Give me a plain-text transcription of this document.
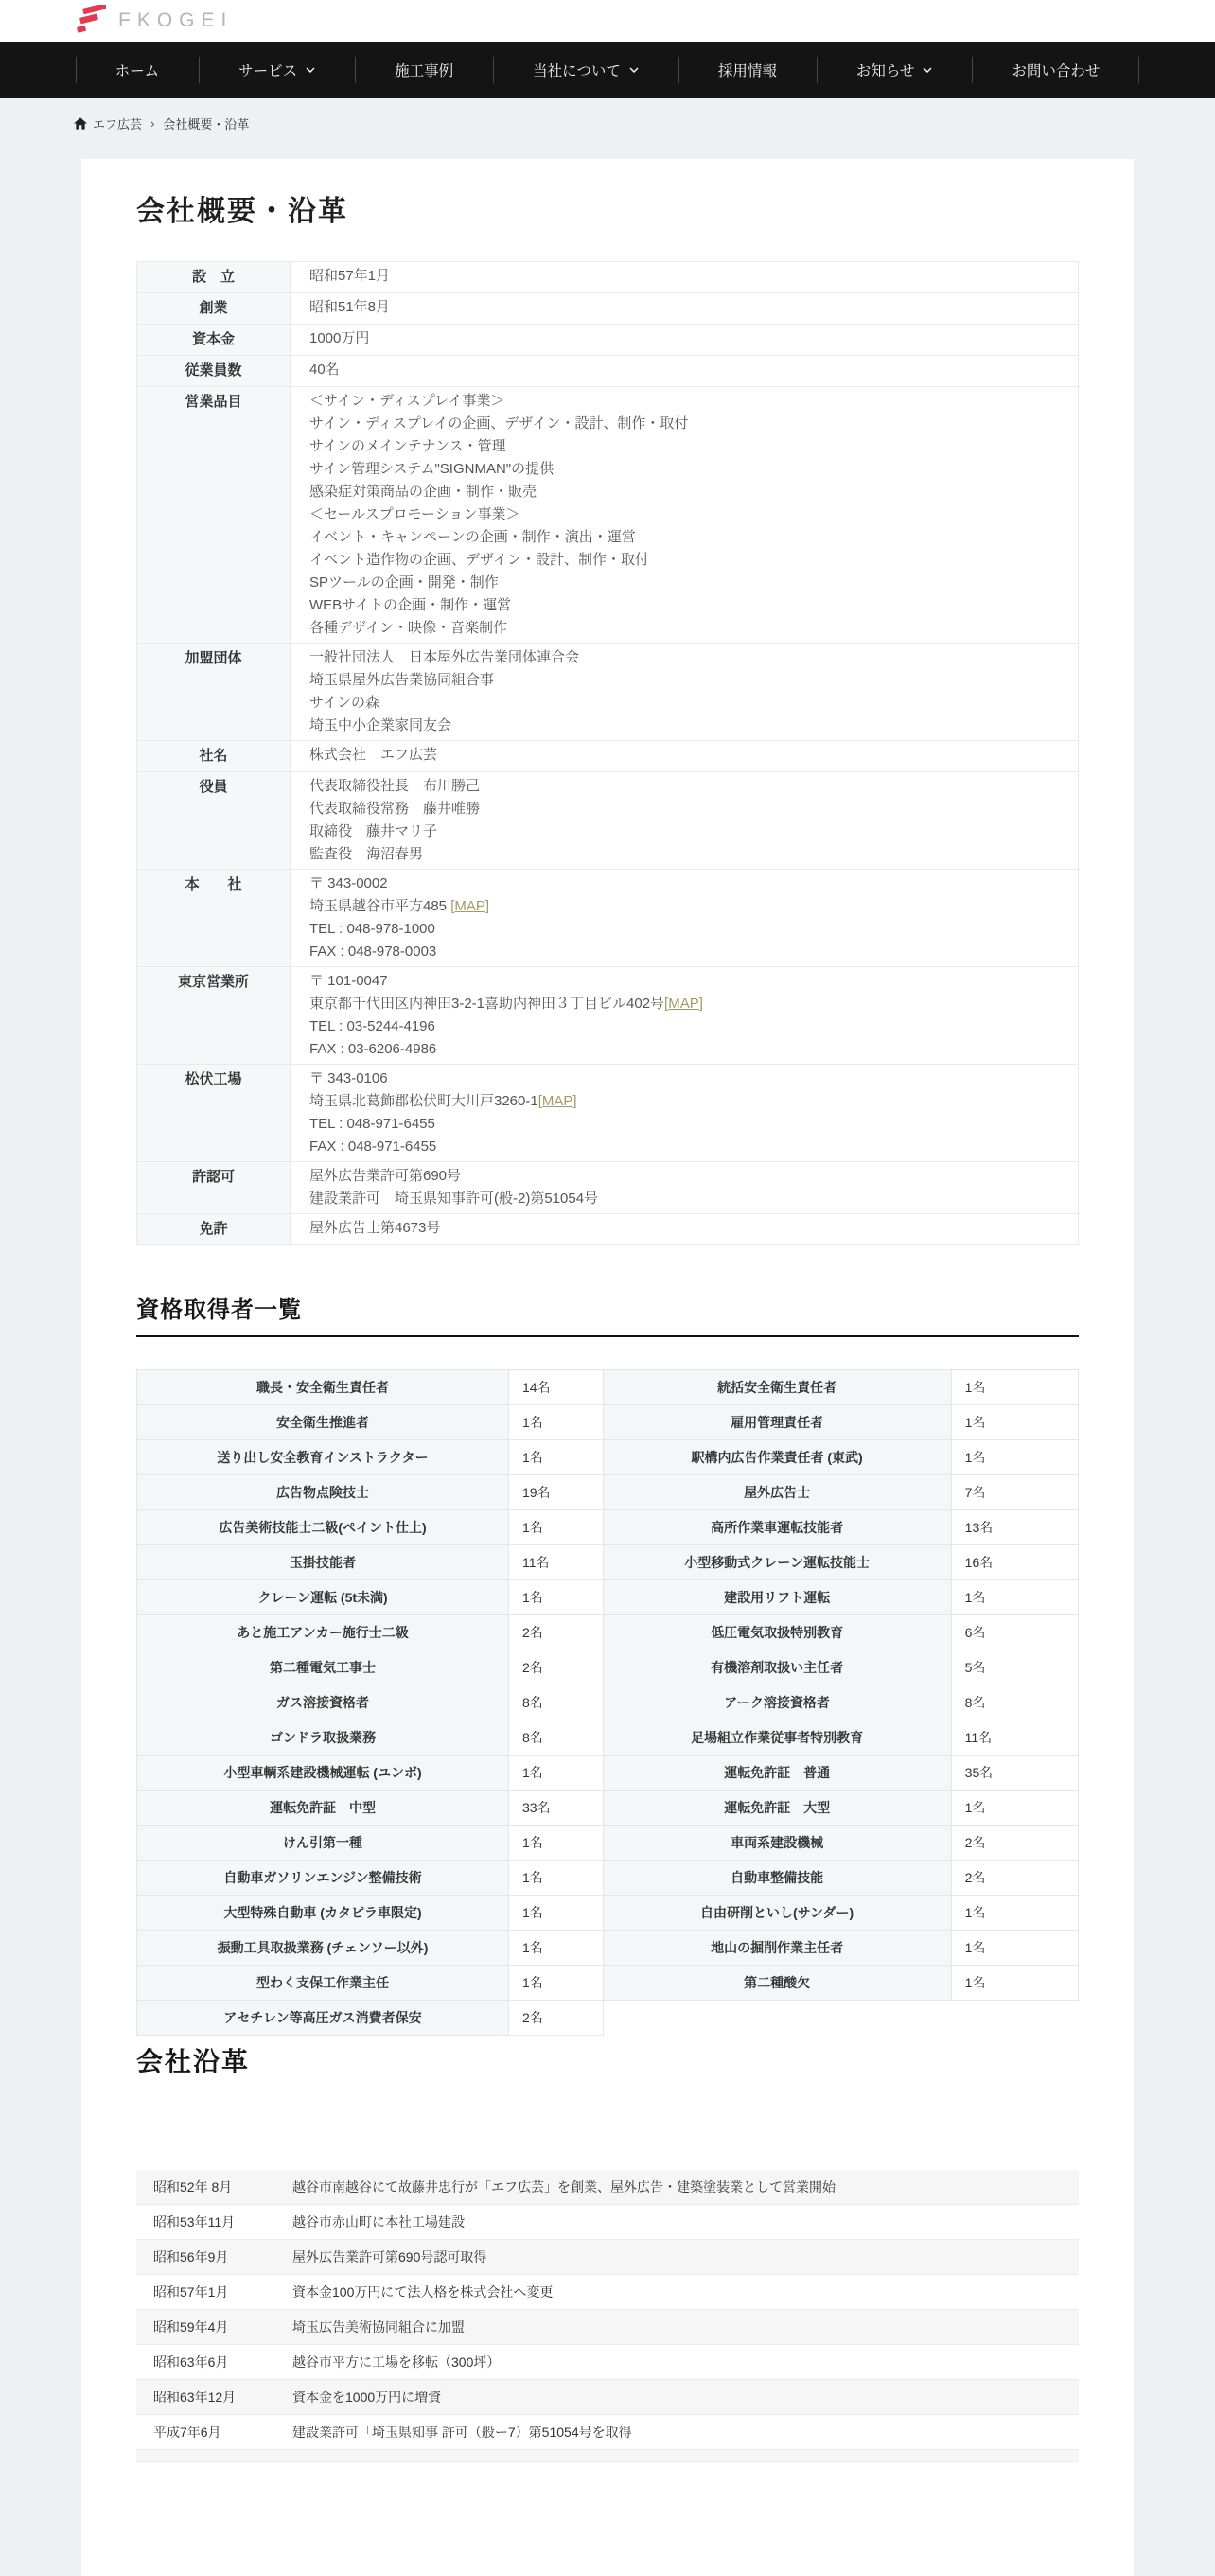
FKOGEI
ホーム	サービス	施工事例	当社について	採用情報	お知らせ	お問い合わせ
エフ広芸 › 会社概要・沿革
会社概要・沿革
設　立	昭和57年1月

創業	昭和51年8月

資本金	1000万円

従業員数	40名

営業品目	＜サイン・ディスプレイ事業＞
サイン・ディスプレイの企画、デザイン・設計、制作・取付
サインのメインテナンス・管理
サイン管理システム"SIGNMAN"の提供
感染症対策商品の企画・制作・販売
＜セールスプロモーション事業＞
イベント・キャンペーンの企画・制作・演出・運営
イベント造作物の企画、デザイン・設計、制作・取付
SPツールの企画・開発・制作
WEBサイトの企画・制作・運営
各種デザイン・映像・音楽制作

加盟団体	一般社団法人　日本屋外広告業団体連合会
埼玉県屋外広告業協同組合事
サインの森
埼玉中小企業家同友会

社名	株式会社　エフ広芸

役員	代表取締役社長　布川勝己
代表取締役常務　藤井唯勝
取締役　藤井マリ子
監査役　海沼春男

本　　社	〒 343-0002
埼玉県越谷市平方485 [MAP]
TEL : 048-978-1000
FAX : 048-978-0003

東京営業所	〒 101-0047
東京都千代田区内神田3-2-1喜助内神田３丁目ビル402号[MAP]
TEL : 03-5244-4196
FAX : 03-6206-4986

松伏工場	〒 343-0106
埼玉県北葛飾郡松伏町大川戸3260-1[MAP]
TEL : 048-971-6455
FAX : 048-971-6455

許認可	屋外広告業許可第690号
建設業許可　埼玉県知事許可(般-2)第51054号

免許	屋外広告士第4673号
資格取得者一覧
職長・安全衛生責任者	14名	統括安全衛生責任者	1名
安全衛生推進者	1名	雇用管理責任者	1名
送り出し安全教育インストラクター	1名	駅構内広告作業責任者 (東武)	1名
広告物点険技士	19名	屋外広告士	7名
広告美術技能士二級(ペイント仕上)	1名	高所作業車運転技能者	13名
玉掛技能者	11名	小型移動式クレーン運転技能士	16名
クレーン運転 (5t未満)	1名	建設用リフト運転	1名
あと施工アンカー施行士二級	2名	低圧電気取扱特別教育	6名
第二種電気工事士	2名	有機溶剤取扱い主任者	5名
ガス溶接資格者	8名	アーク溶接資格者	8名
ゴンドラ取扱業務	8名	足場組立作業従事者特別教育	11名
小型車輌系建設機械運転 (ユンボ)	1名	運転免許証　普通	35名
運転免許証　中型	33名	運転免許証　大型	1名
けん引第一種	1名	車両系建設機械	2名
自動車ガソリンエンジン整備技術	1名	自動車整備技能	2名
大型特殊自動車 (カタピラ車限定)	1名	自由研削といし(サンダー)	1名
振動工具取扱業務 (チェンソー以外)	1名	地山の掘削作業主任者	1名
型わく支保工作業主任	1名	第二種酸欠	1名
アセチレン等高圧ガス消費者保安	2名		
会社沿革
昭和52年 8月	越谷市南越谷にて故藤井忠行が「エフ広芸」を創業、屋外広告・建築塗装業として営業開始
昭和53年11月	越谷市赤山町に本社工場建設
昭和56年9月	屋外広告業許可第690号認可取得
昭和57年1月	資本金100万円にて法人格を株式会社へ変更
昭和59年4月	埼玉広告美術協同組合に加盟
昭和63年6月	越谷市平方に工場を移転（300坪）
昭和63年12月	資本金を1000万円に増資
平成7年6月	建設業許可「埼玉県知事 許可（般ー7）第51054号を取得
